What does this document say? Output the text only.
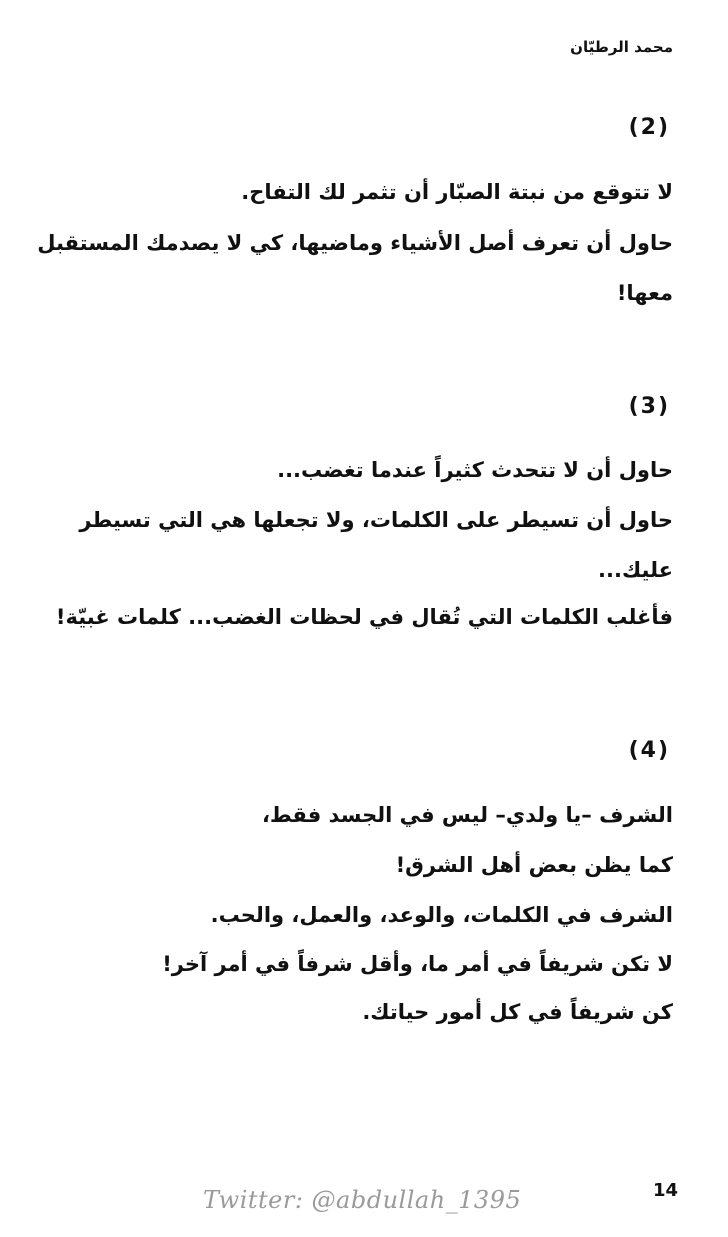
محمد الرطيّان
(2)
لا تتوقع من نبتة الصبّار أن تثمر لك التفاح.
حاول أن تعرف أصل الأشياء وماضيها، كي لا يصدمك المستقبل
معها!
(3)
حاول أن لا تتحدث كثيراً عندما تغضب...
حاول أن تسيطر على الكلمات، ولا تجعلها هي التي تسيطر
عليك...
فأغلب الكلمات التي تُقال في لحظات الغضب... كلمات غبيّة!
(4)
الشرف –يا ولدي– ليس في الجسد فقط،
كما يظن بعض أهل الشرق!
الشرف في الكلمات، والوعد، والعمل، والحب.
لا تكن شريفاً في أمر ما، وأقل شرفاً في أمر آخر!
كن شريفاً في كل أمور حياتك.
14
Twitter: @abdullah_1395
